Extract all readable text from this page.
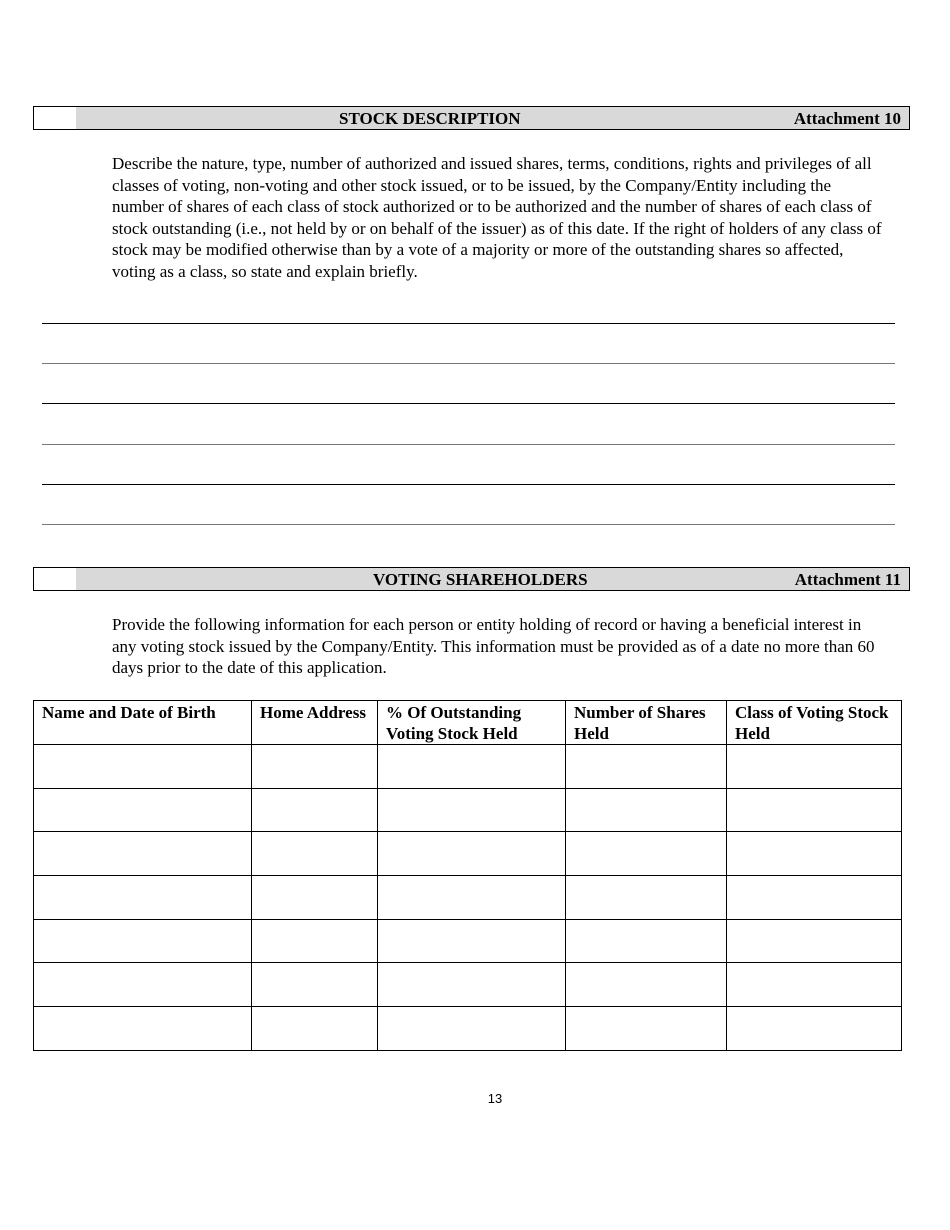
STOCK DESCRIPTION	Attachment 10
Describe the nature, type, number of authorized and issued shares, terms, conditions, rights and privileges of all classes of voting, non-voting and other stock issued, or to be issued, by the Company/Entity including the number of shares of each class of stock authorized or to be authorized and the number of shares of each class of stock outstanding (i.e., not held by or on behalf of the issuer) as of this date. If the right of holders of any class of stock may be modified otherwise than by a vote of a majority or more of the outstanding shares so affected, voting as a class, so state and explain briefly.
VOTING SHAREHOLDERS	Attachment 11
Provide the following information for each person or entity holding of record or having a beneficial interest in any voting stock issued by the Company/Entity. This information must be provided as of a date no more than 60 days prior to the date of this application.
Name and Date of Birth	Home Address	% Of Outstanding Voting Stock Held	Number of Shares Held	Class of Voting Stock Held

13
